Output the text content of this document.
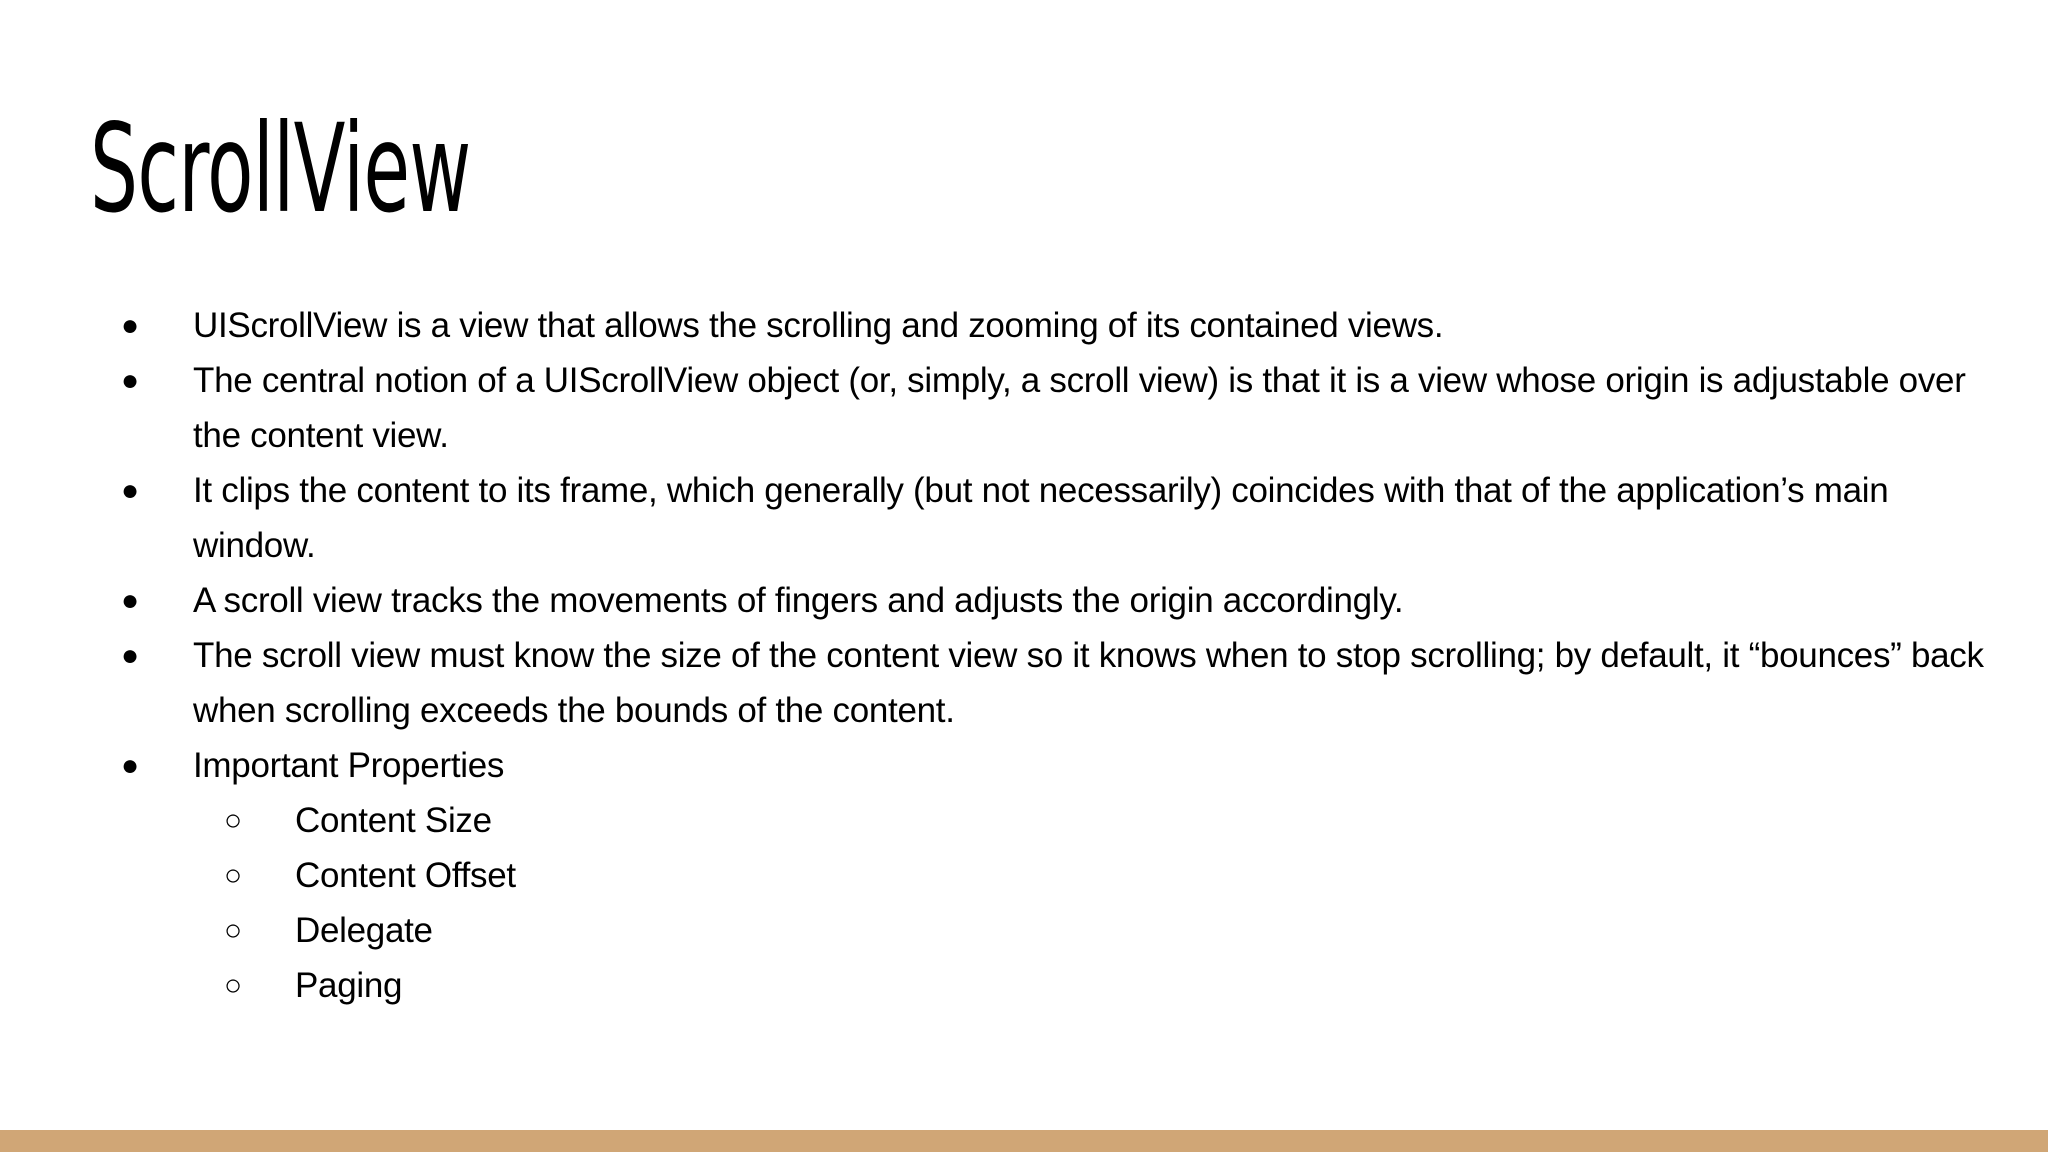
ScrollView
● UIScrollView is a view that allows the scrolling and zooming of its contained views.
● The central notion of a UIScrollView object (or, simply, a scroll view) is that it is a view whose origin is adjustable over the content view.
● It clips the content to its frame, which generally (but not necessarily) coincides with that of the application’s main window.
● A scroll view tracks the movements of fingers and adjusts the origin accordingly.
● The scroll view must know the size of the content view so it knows when to stop scrolling; by default, it “bounces” back when scrolling exceeds the bounds of the content.
● Important Properties
○ Content Size
○ Content Offset
○ Delegate
○ Paging
